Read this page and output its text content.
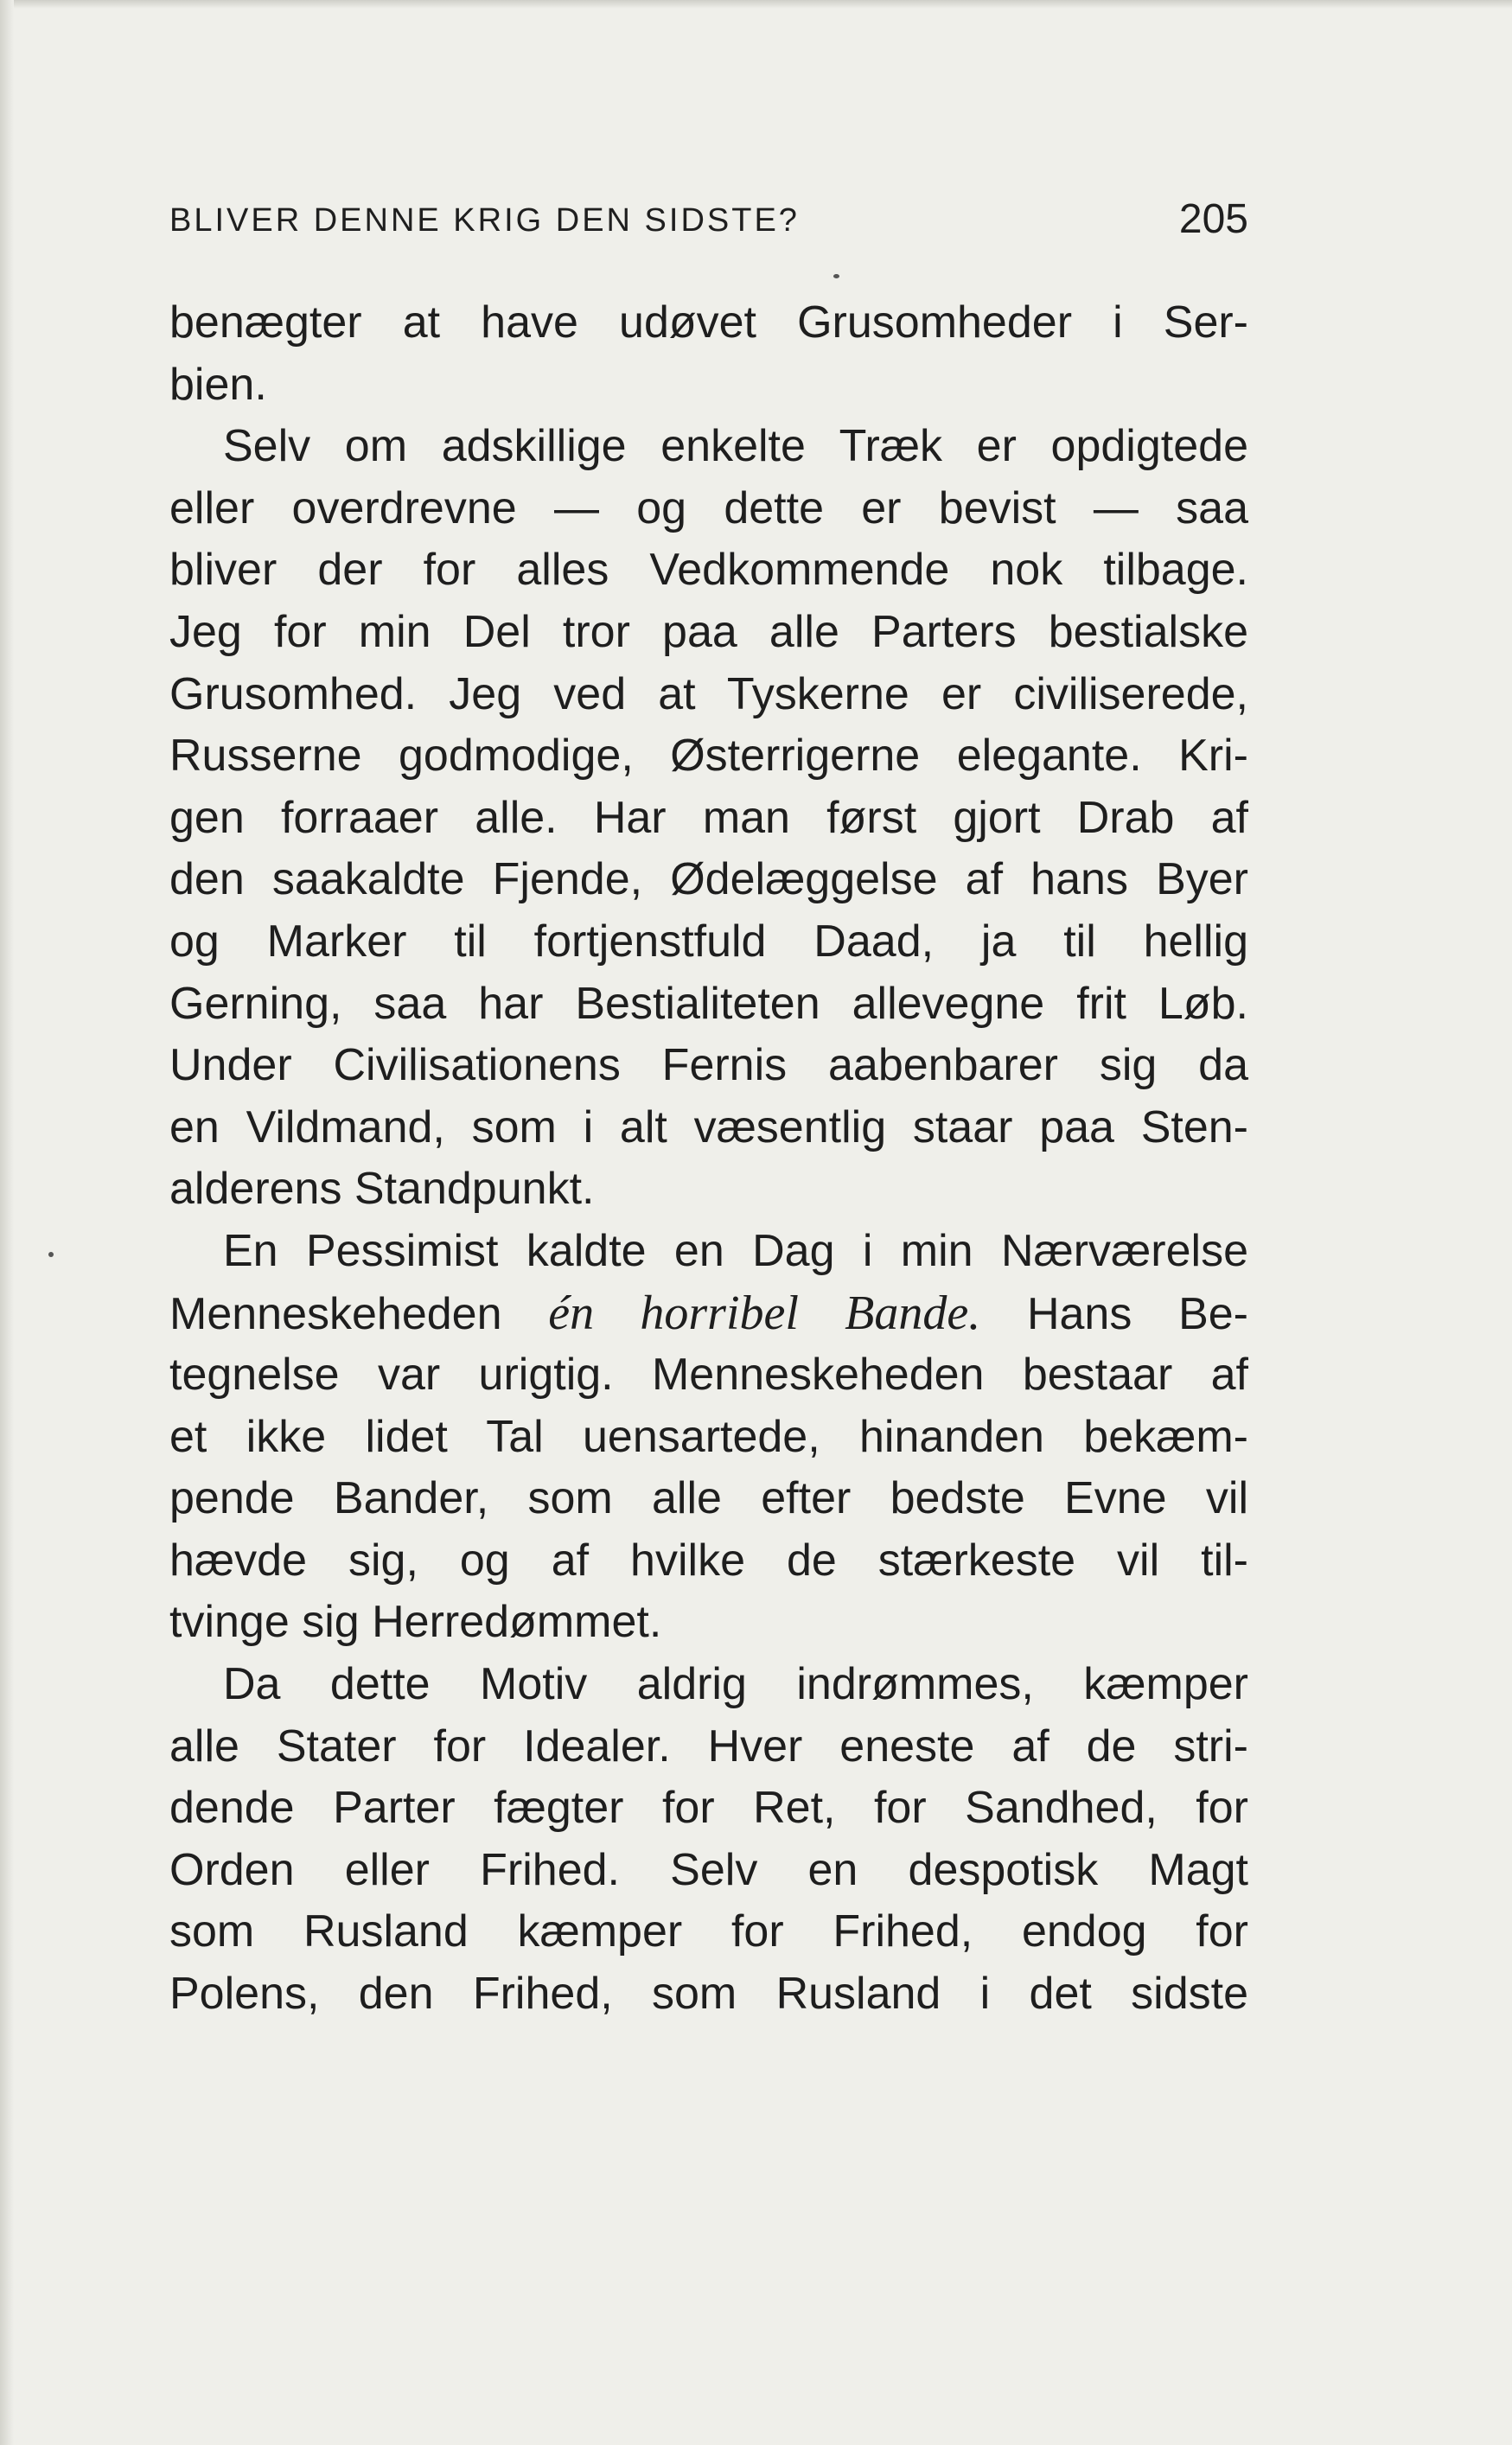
BLIVER DENNE KRIG DEN SIDSTE?	205
benægter at have udøvet Grusomheder i Ser-
bien.
Selv om adskillige enkelte Træk er opdigtede
eller overdrevne — og dette er bevist — saa
bliver der for alles Vedkommende nok tilbage.
Jeg for min Del tror paa alle Parters bestialske
Grusomhed. Jeg ved at Tyskerne er civiliserede,
Russerne godmodige, Østerrigerne elegante. Kri-
gen forraaer alle. Har man først gjort Drab af
den saakaldte Fjende, Ødelæggelse af hans Byer
og Marker til fortjenstfuld Daad, ja til hellig
Gerning, saa har Bestialiteten allevegne frit Løb.
Under Civilisationens Fernis aabenbarer sig da
en Vildmand, som i alt væsentlig staar paa Sten-
alderens Standpunkt.
En Pessimist kaldte en Dag i min Nærværelse
Menneskeheden én horribel Bande. Hans Be-
tegnelse var urigtig. Menneskeheden bestaar af
et ikke lidet Tal uensartede, hinanden bekæm-
pende Bander, som alle efter bedste Evne vil
hævde sig, og af hvilke de stærkeste vil til-
tvinge sig Herredømmet.
Da dette Motiv aldrig indrømmes, kæmper
alle Stater for Idealer. Hver eneste af de stri-
dende Parter fægter for Ret, for Sandhed, for
Orden eller Frihed. Selv en despotisk Magt
som Rusland kæmper for Frihed, endog for
Polens, den Frihed, som Rusland i det sidste
